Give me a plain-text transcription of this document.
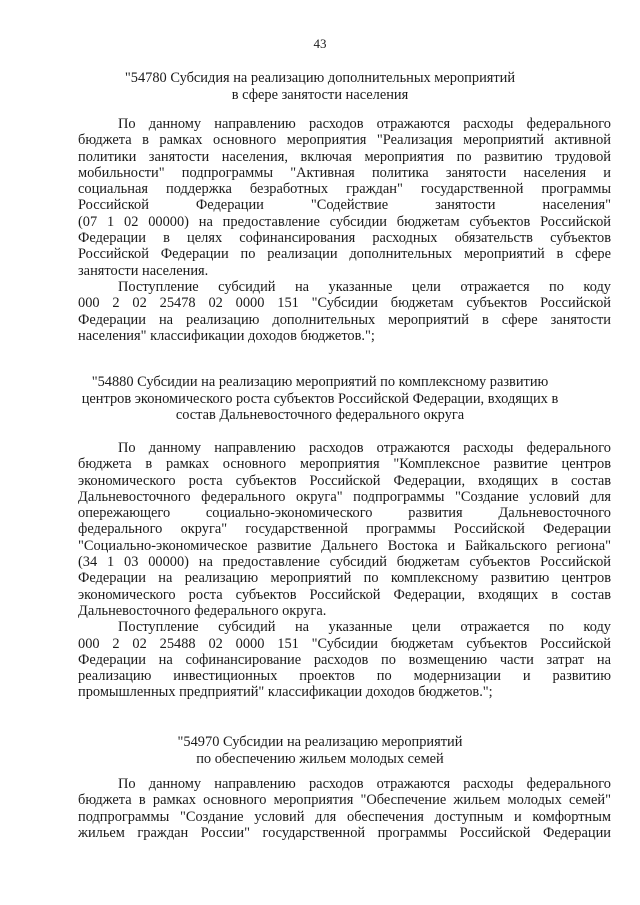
43
"54780 Субсидия на реализацию дополнительных мероприятий
в сфере занятости населения
По данному направлению расходов отражаются расходы федерального
бюджета в рамках основного мероприятия "Реализация мероприятий активной
политики занятости населения, включая мероприятия по развитию трудовой
мобильности" подпрограммы "Активная политика занятости населения и
социальная поддержка безработных граждан" государственной программы
Российской Федерации "Содействие занятости населения"
(07 1 02 00000) на предоставление субсидии бюджетам субъектов Российской
Федерации в целях софинансирования расходных обязательств субъектов
Российской Федерации по реализации дополнительных мероприятий в сфере
занятости населения.
Поступление субсидий на указанные цели отражается по коду
000 2 02 25478 02 0000 151 "Субсидии бюджетам субъектов Российской
Федерации на реализацию дополнительных мероприятий в сфере занятости
населения" классификации доходов бюджетов.";
"54880 Субсидии на реализацию мероприятий по комплексному развитию
центров экономического роста субъектов Российской Федерации, входящих в
состав Дальневосточного федерального округа
По данному направлению расходов отражаются расходы федерального
бюджета в рамках основного мероприятия "Комплексное развитие центров
экономического роста субъектов Российской Федерации, входящих в состав
Дальневосточного федерального округа" подпрограммы "Создание условий для
опережающего социально-экономического развития Дальневосточного
федерального округа" государственной программы Российской Федерации
"Социально-экономическое развитие Дальнего Востока и Байкальского региона"
(34 1 03 00000) на предоставление субсидий бюджетам субъектов Российской
Федерации на реализацию мероприятий по комплексному развитию центров
экономического роста субъектов Российской Федерации, входящих в состав
Дальневосточного федерального округа.
Поступление субсидий на указанные цели отражается по коду
000 2 02 25488 02 0000 151 "Субсидии бюджетам субъектов Российской
Федерации на софинансирование расходов по возмещению части затрат на
реализацию инвестиционных проектов по модернизации и развитию
промышленных предприятий" классификации доходов бюджетов.";
"54970 Субсидии на реализацию мероприятий
по обеспечению жильем молодых семей
По данному направлению расходов отражаются расходы федерального
бюджета в рамках основного мероприятия "Обеспечение жильем молодых семей"
подпрограммы "Создание условий для обеспечения доступным и комфортным
жильем граждан России" государственной программы Российской Федерации
